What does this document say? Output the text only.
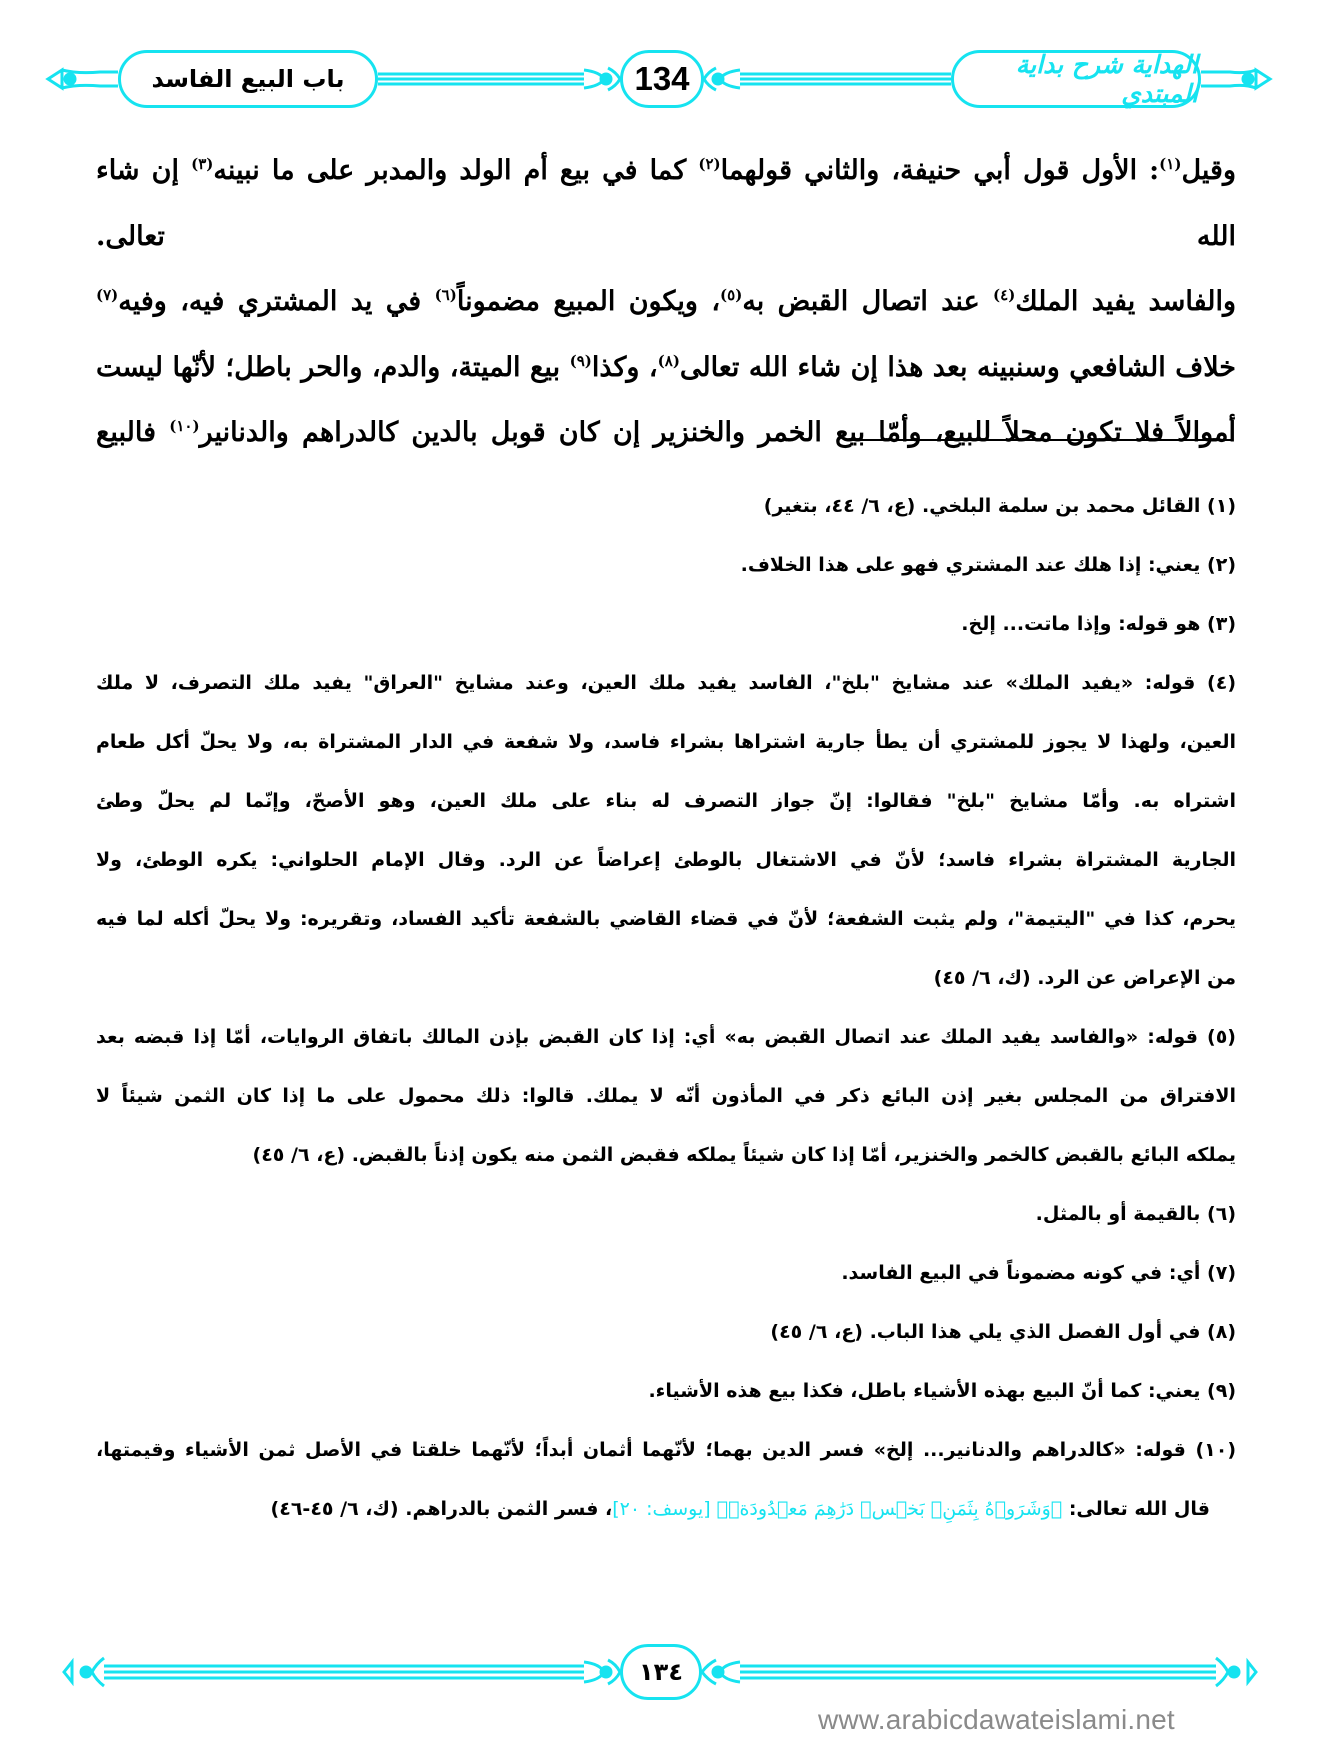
باب البيع الفاسد	134	الهداية شرح بداية المبتدي

وقيل$^{(١)}$: الأول قول أبي حنيفة، والثاني قولهما$^{(٢)}$ كما في بيع أم الولد والمدبر على ما نبينه$^{(٣)}$ إن شاء الله تعالى.

والفاسد يفيد الملك$^{(٤)}$ عند اتصال القبض به$^{(٥)}$، ويكون المبيع مضموناً$^{(٦)}$ في يد المشتري فيه، وفيه$^{(٧)}$

خلاف الشافعي وسنبينه بعد هذا إن شاء الله تعالى$^{(٨)}$، وكذا$^{(٩)}$ بيع الميتة، والدم، والحر باطل؛ لأنّها ليست

أموالاً فلا تكون محلاً للبيع، وأمّا بيع الخمر والخنزير إن كان قوبل بالدين كالدراهم والدنانير$^{(١٠)}$ فالبيع

(١) القائل محمد بن سلمة البلخي. (ع، ٦/ ٤٤، بتغير)

(٢) يعني: إذا هلك عند المشتري فهو على هذا الخلاف.

(٣) هو قوله: وإذا ماتت... إلخ.

(٤) قوله: «يفيد الملك» عند مشايخ "بلخ"، الفاسد يفيد ملك العين، وعند مشايخ "العراق" يفيد ملك التصرف، لا ملك
العين، ولهذا لا يجوز للمشتري أن يطأ جارية اشتراها بشراء فاسد، ولا شفعة في الدار المشتراة به، ولا يحلّ أكل طعام
اشتراه به. وأمّا مشايخ "بلخ" فقالوا: إنّ جواز التصرف له بناء على ملك العين، وهو الأصحّ، وإنّما لم يحلّ وطئ
الجارية المشتراة بشراء فاسد؛ لأنّ في الاشتغال بالوطئ إعراضاً عن الرد. وقال الإمام الحلواني: يكره الوطئ، ولا
يحرم، كذا في "اليتيمة"، ولم يثبت الشفعة؛ لأنّ في قضاء القاضي بالشفعة تأكيد الفساد، وتقريره: ولا يحلّ أكله لما فيه
من الإعراض عن الرد. (ك، ٦/ ٤٥)
(٥) قوله: «والفاسد يفيد الملك عند اتصال القبض به» أي: إذا كان القبض بإذن المالك باتفاق الروايات، أمّا إذا قبضه بعد
الافتراق من المجلس بغير إذن البائع ذكر في المأذون أنّه لا يملك. قالوا: ذلك محمول على ما إذا كان الثمن شيئاً لا
يملكه البائع بالقبض كالخمر والخنزير، أمّا إذا كان شيئاً يملكه فقبض الثمن منه يكون إذناً بالقبض. (ع، ٦/ ٤٥)

(٦) بالقيمة أو بالمثل.

(٧) أي: في كونه مضموناً في البيع الفاسد.

(٨) في أول الفصل الذي يلي هذا الباب. (ع، ٦/ ٤٥)

(٩) يعني: كما أنّ البيع بهذه الأشياء باطل، فكذا بيع هذه الأشياء.

(١٠) قوله: «كالدراهم والدنانير... إلخ» فسر الدين بهما؛ لأنّهما أثمان أبداً؛ لأنّهما خلقتا في الأصل ثمن الأشياء وقيمتها،
قال الله تعالى: ﴿وَشَرَوۡهُ بِثَمَنِۢ بَخۡسٖ دَرَٰهِمَ مَعۡدُودَةٖ﴾ [يوسف: ٢٠]، فسر الثمن بالدراهم. (ك، ٦/ ٤٥-٤٦)
١٣٤
www.arabicdawateislami.net
